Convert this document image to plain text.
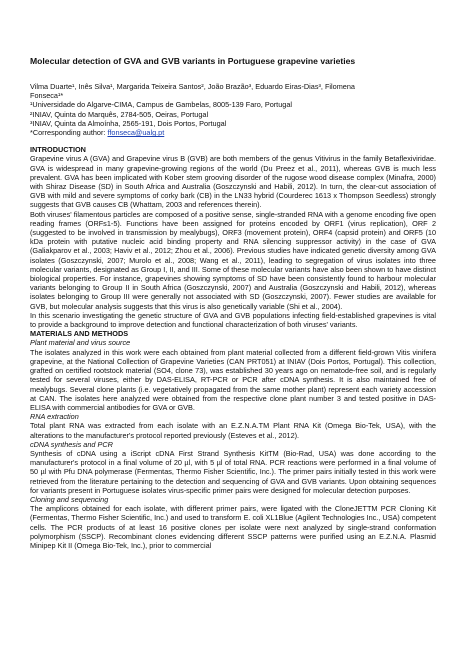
Molecular detection of GVA and GVB variants in Portuguese grapevine varieties
Vilma Duarte¹, Inês Silva¹, Margarida Teixeira Santos², João Brazão³, Eduardo Eiras-Dias³, Filomena
Fonseca¹*
¹Universidade do Algarve-CIMA, Campus de Gambelas, 8005-139 Faro, Portugal
²INIAV, Quinta do Marquês, 2784-505, Oeiras, Portugal
³INIAV, Quinta da Almoínha, 2565-191, Dois Portos, Portugal
*Corresponding author: ffonseca@ualg.pt
INTRODUCTION
Grapevine virus A (GVA) and Grapevine virus B (GVB) are both members of the genus Vitivirus in the family Betaflexiviridae. GVA is widespread in many grapevine-growing regions of the world (Du Preez et al., 2011), whereas GVB is much less prevalent. GVA has been implicated with Kober stem grooving disorder of the rugose wood disease complex (Minafra, 2000) with Shiraz Disease (SD) in South Africa and Australia (Goszczynski and Habili, 2012). In turn, the clear-cut association of GVB with mild and severe symptoms of corky bark (CB) in the LN33 hybrid (Courderec 1613 x Thompson Seedless) strongly suggests that GVB causes CB (Whattam, 2003 and references therein).
Both viruses' filamentous particles are composed of a positive sense, single-stranded RNA with a genome encoding five open reading frames (ORFs1-5). Functions have been assigned for proteins encoded by ORF1 (virus replication), ORF 2 (suggested to be involved in transmission by mealybugs), ORF3 (movement protein), ORF4 (capsid protein) and ORF5 (10 kDa protein with putative nucleic acid binding property and RNA silencing suppressor activity) in the case of GVA (Galiakparov et al., 2003; Haviv et al., 2012; Zhou et al., 2006). Previous studies have indicated genetic diversity among GVA isolates (Goszczynski, 2007; Murolo et al., 2008; Wang et al., 2011), leading to segregation of virus isolates into three molecular variants, designated as Group I, II, and III. Some of these molecular variants have also been shown to have distinct biological properties. For instance, grapevines showing symptoms of SD have been consistently found to harbour molecular variants belonging to Group II in South Africa (Goszczynski, 2007) and Australia (Goszczynski and Habili, 2012), whereas isolates belonging to Group III were generally not associated with SD (Goszczynski, 2007). Fewer studies are available for GVB, but molecular analysis suggests that this virus is also genetically variable (Shi et al., 2004).
In this scenario investigating the genetic structure of GVA and GVB populations infecting field-established grapevines is vital to provide a background to improve detection and functional characterization of both viruses' variants.
MATERIALS AND METHODS
Plant material and virus source
The isolates analyzed in this work were each obtained from plant material collected from a different field-grown Vitis vinifera grapevine, at the National Collection of Grapevine Varieties (CAN PRT051) at INIAV (Dois Portos, Portugal). This collection, grafted on certified rootstock material (SO4, clone 73), was established 30 years ago on nematode-free soil, and is regularly tested for several viruses, either by DAS-ELISA, RT-PCR or PCR after cDNA synthesis. It is also maintained free of mealybugs. Several clone plants (i.e. vegetatively propagated from the same mother plant) represent each variety accession at CAN. The isolates here analyzed were obtained from the respective clone plant number 3 and tested positive in DAS-ELISA with commercial antibodies for GVA or GVB.
RNA extraction
Total plant RNA was extracted from each isolate with an E.Z.N.A.TM Plant RNA Kit (Omega Bio-Tek, USA), with the alterations to the manufacturer's protocol reported previously (Esteves et al., 2012).
cDNA synthesis and PCR
Synthesis of cDNA using a iScript cDNA First Strand Synthesis KitTM (Bio-Rad, USA) was done according to the manufacturer's protocol in a final volume of 20 µl, with 5 µl of total RNA. PCR reactions were performed in a final volume of 50 µl with Pfu DNA polymerase (Fermentas, Thermo Fisher Scientific, Inc.). The primer pairs initially tested in this work were retrieved from the literature pertaining to the detection and sequencing of GVA and GVB variants. Upon obtaining sequences for variants present in Portuguese isolates virus-specific primer pairs were designed for molecular detection purposes.
Cloning and sequencing
The amplicons obtained for each isolate, with different primer pairs, were ligated with the CloneJETTM PCR Cloning Kit (Fermentas, Thermo Fisher Scientific, Inc.) and used to transform E. coli XL1Blue (Agilent Technologies Inc., USA) competent cells. The PCR products of at least 16 positive clones per isolate were next analyzed by single-strand conformation polymorphism (SSCP). Recombinant clones evidencing different SSCP patterns were purified using an E.Z.N.A. Plasmid Minipep Kit II (Omega Bio-Tek, Inc.), prior to commercial
